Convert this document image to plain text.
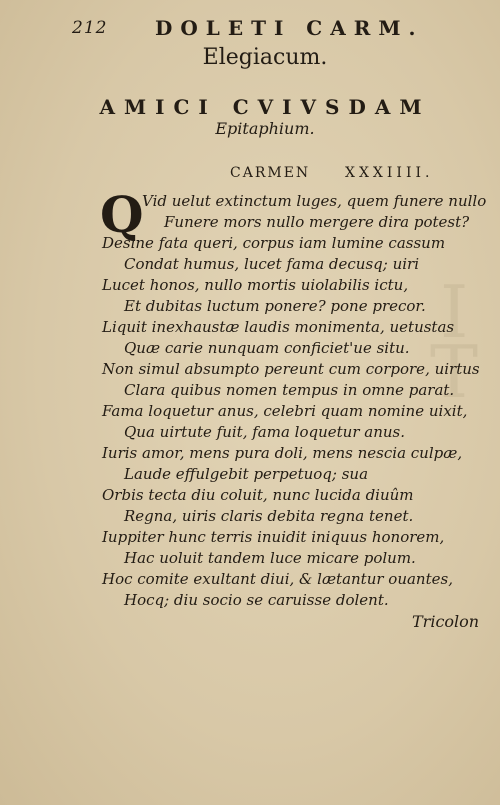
I
T
212 DOLETI CARM.
Elegiacum.
AMICI CVIVSDAM
Epitaphium.
CARMEN XXXIIII.
Q
Vid uelut extinctum luges, quem funere nullo
Funere mors nullo mergere dira potest?
Desine fata queri, corpus iam lumine cassum
Condat humus, lucet fama decusq; uiri
Lucet honos, nullo mortis uiolabilis ictu,
Et dubitas luctum ponere? pone precor.
Liquit inexhaustæ laudis monimenta, uetustas
Quæ carie nunquam conficiet'ue situ.
Non simul absumpto pereunt cum corpore, uirtus
Clara quibus nomen tempus in omne parat.
Fama loquetur anus, celebri quam nomine uixit,
Qua uirtute fuit, fama loquetur anus.
Iuris amor, mens pura doli, mens nescia culpæ,
Laude effulgebit perpetuoq; sua
Orbis tecta diu coluit, nunc lucida diuûm
Regna, uiris claris debita regna tenet.
Iuppiter hunc terris inuidit iniquus honorem,
Hac uoluit tandem luce micare polum.
Hoc comite exultant diui, & lætantur ouantes,
Hocq; diu socio se caruisse dolent.
Tricolon
